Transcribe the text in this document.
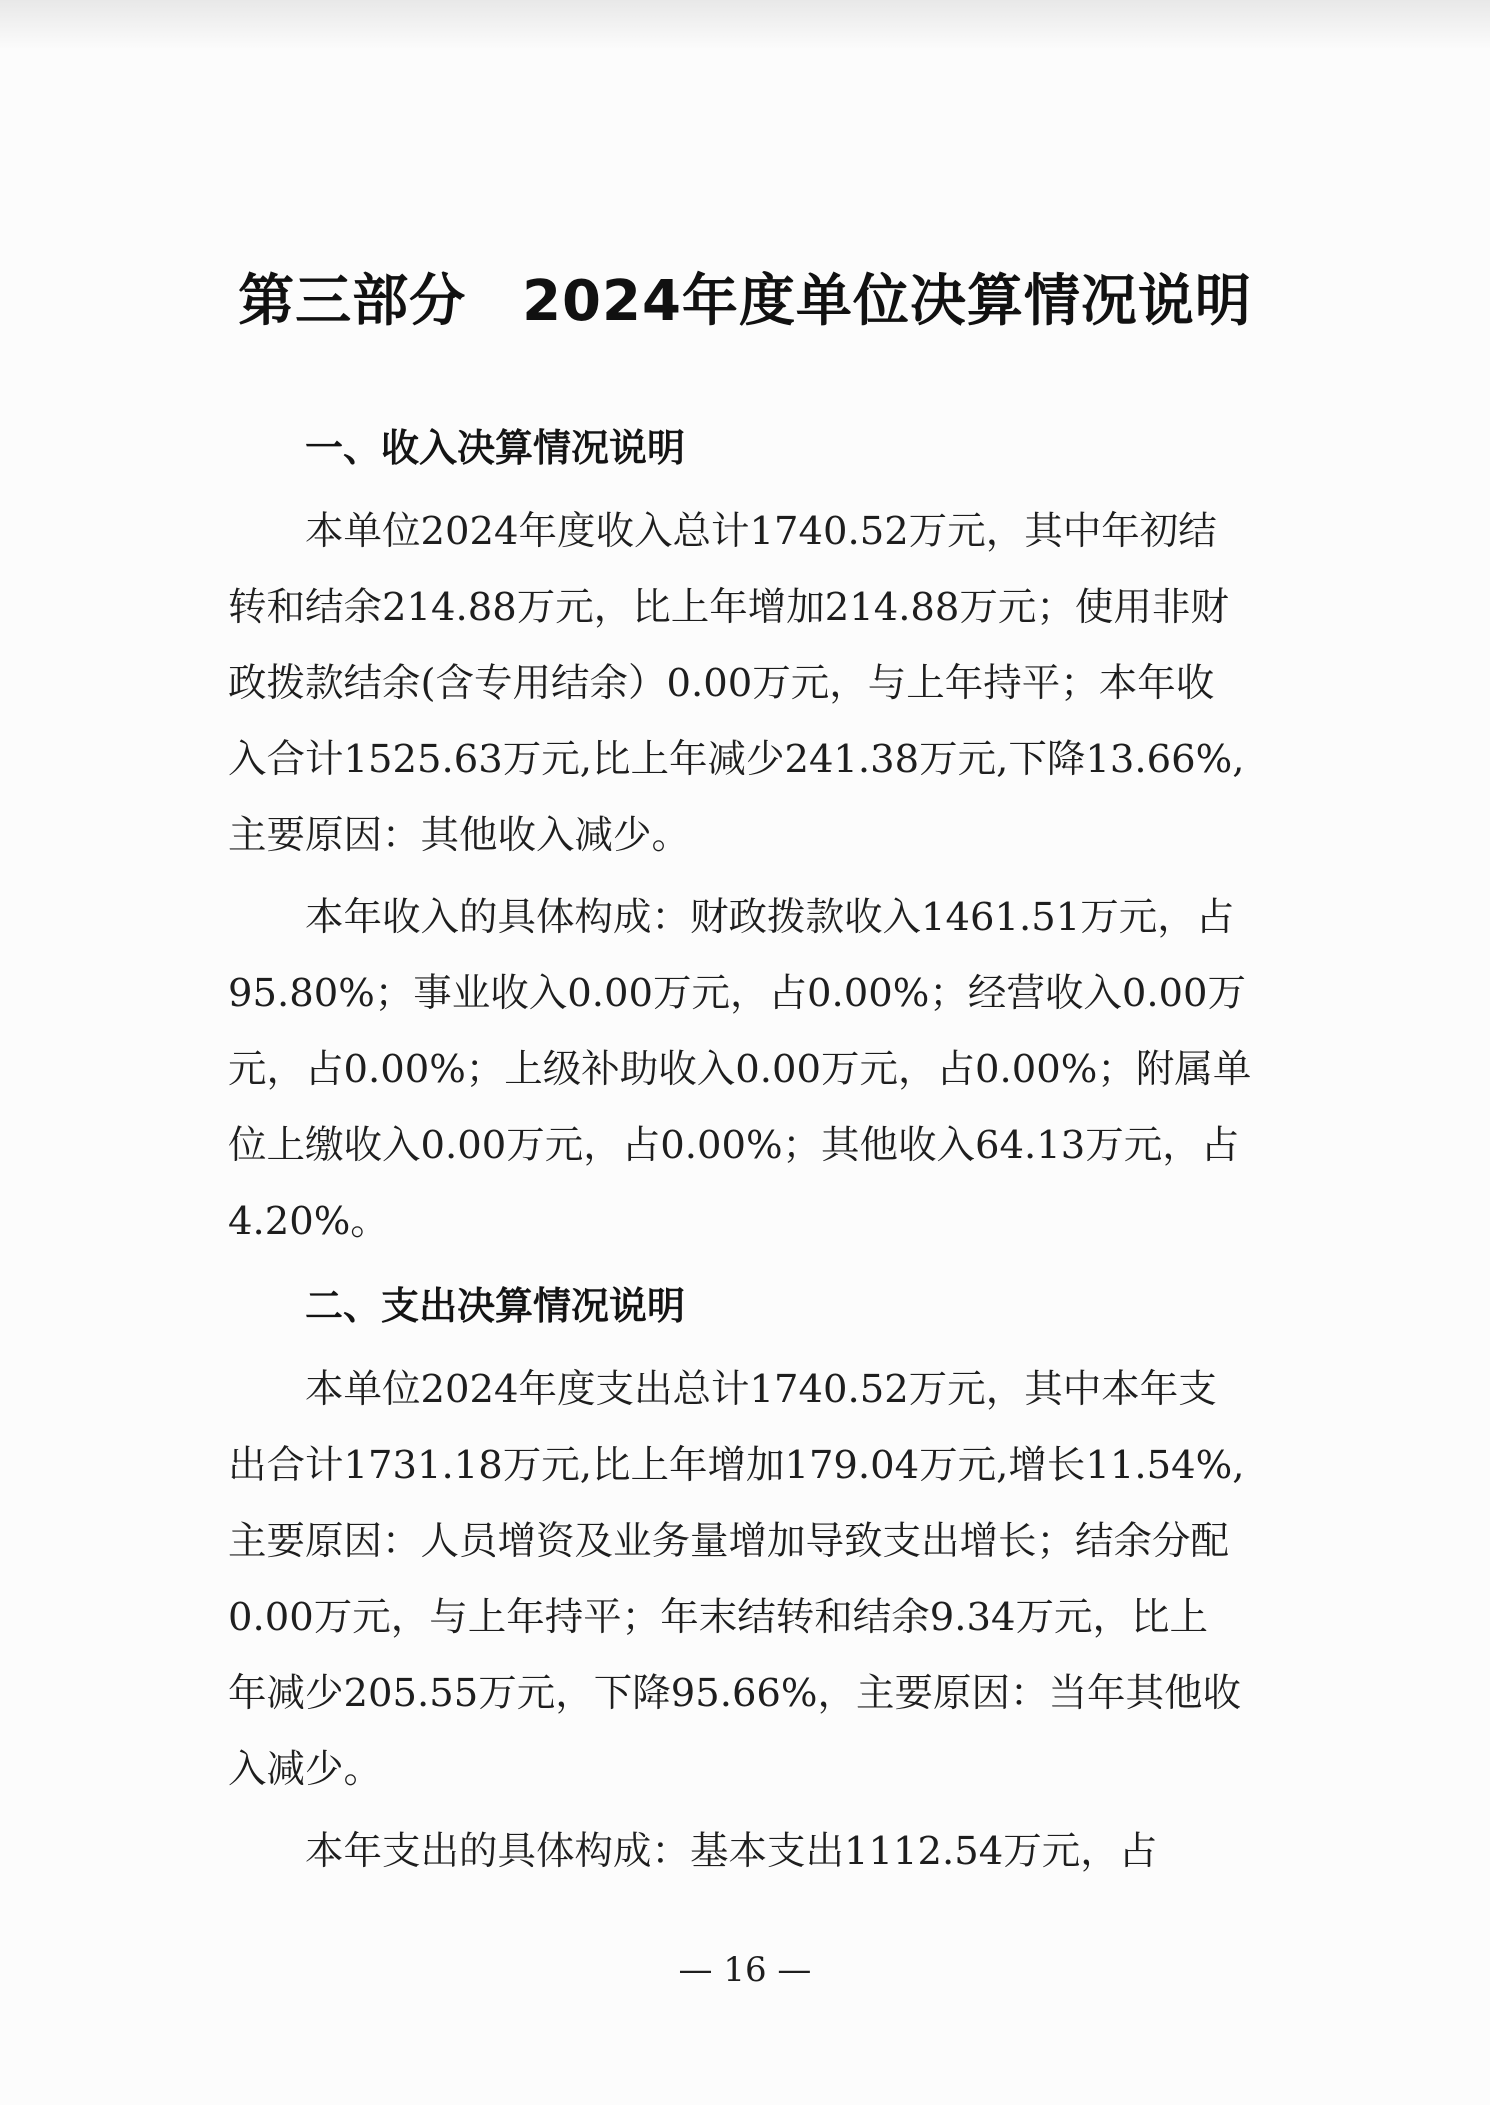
第三部分 2024年度单位决算情况说明
一、收入决算情况说明
本单位2024年度收入总计1740.52万元，其中年初结
转和结余214.88万元，比上年增加214.88万元；使用非财
政拨款结余(含专用结余）0.00万元，与上年持平；本年收
入合计1525.63万元,比上年减少241.38万元,下降13.66%,
主要原因：其他收入减少。
本年收入的具体构成：财政拨款收入1461.51万元，占
95.80%；事业收入0.00万元，占0.00%；经营收入0.00万
元，占0.00%；上级补助收入0.00万元，占0.00%；附属单
位上缴收入0.00万元，占0.00%；其他收入64.13万元，占
4.20%。
二、支出决算情况说明
本单位2024年度支出总计1740.52万元，其中本年支
出合计1731.18万元,比上年增加179.04万元,增长11.54%,
主要原因：人员增资及业务量增加导致支出增长；结余分配
0.00万元，与上年持平；年末结转和结余9.34万元，比上
年减少205.55万元，下降95.66%，主要原因：当年其他收
入减少。
本年支出的具体构成：基本支出1112.54万元，占
— 16 —
